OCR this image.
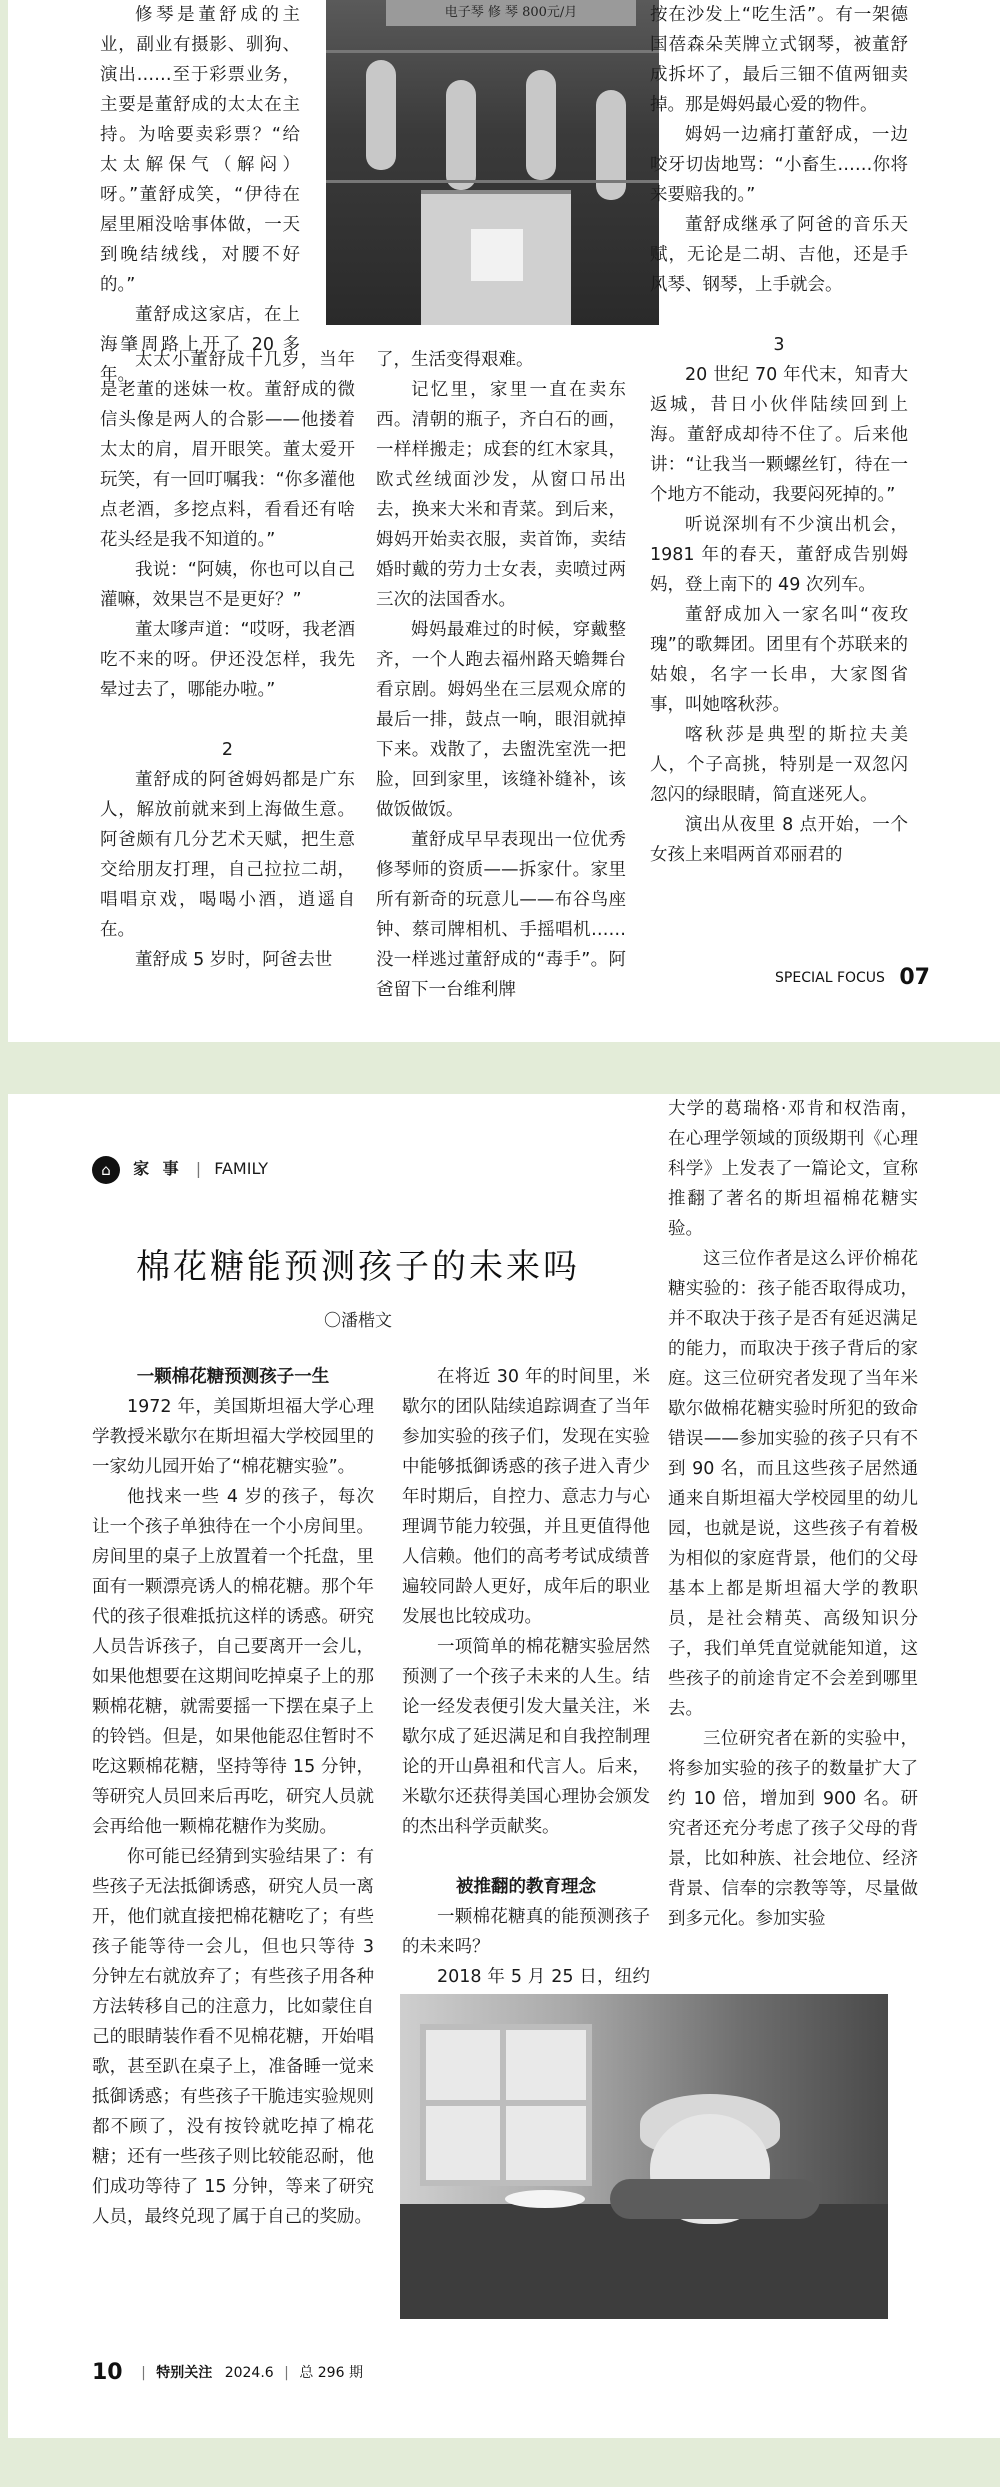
修琴是董舒成的主业，副业有摄影、驯狗、演出……至于彩票业务，主要是董舒成的太太在主持。为啥要卖彩票？“给太太解保气（解闷）呀。”董舒成笑，“伊待在屋里厢没啥事体做，一天到晚结绒线，对腰不好的。”

董舒成这家店，在上海肇周路上开了 20 多年。

电子琴 修 琴 800元/月

太太小董舒成十几岁，当年是老董的迷妹一枚。董舒成的微信头像是两人的合影——他搂着太太的肩，眉开眼笑。董太爱开玩笑，有一回叮嘱我：“你多灌他点老酒，多挖点料，看看还有啥花头经是我不知道的。”

我说：“阿姨，你也可以自己灌嘛，效果岂不是更好？”

董太嗲声道：“哎呀，我老酒吃不来的呀。伊还没怎样，我先晕过去了，哪能办啦。”

2

董舒成的阿爸姆妈都是广东人，解放前就来到上海做生意。阿爸颇有几分艺术天赋，把生意交给朋友打理，自己拉拉二胡，唱唱京戏，喝喝小酒，逍遥自在。

董舒成 5 岁时，阿爸去世

了，生活变得艰难。

记忆里，家里一直在卖东西。清朝的瓶子，齐白石的画，一样样搬走；成套的红木家具，欧式丝绒面沙发，从窗口吊出去，换来大米和青菜。到后来，姆妈开始卖衣服，卖首饰，卖结婚时戴的劳力士女表，卖喷过两三次的法国香水。

姆妈最难过的时候，穿戴整齐，一个人跑去福州路天蟾舞台看京剧。姆妈坐在三层观众席的最后一排，鼓点一响，眼泪就掉下来。戏散了，去盥洗室洗一把脸，回到家里，该缝补缝补，该做饭做饭。

董舒成早早表现出一位优秀修琴师的资质——拆家什。家里所有新奇的玩意儿——布谷鸟座钟、蔡司牌相机、手摇唱机……没一样逃过董舒成的“毒手”。阿爸留下一台维利牌

按在沙发上“吃生活”。有一架德国蓓森朵芙牌立式钢琴，被董舒成拆坏了，最后三钿不值两钿卖掉。那是姆妈最心爱的物件。

姆妈一边痛打董舒成，一边咬牙切齿地骂：“小畜生……你将来要赔我的。”

董舒成继承了阿爸的音乐天赋，无论是二胡、吉他，还是手风琴、钢琴，上手就会。

3

20 世纪 70 年代末，知青大返城，昔日小伙伴陆续回到上海。董舒成却待不住了。后来他讲：“让我当一颗螺丝钉，待在一个地方不能动，我要闷死掉的。”

听说深圳有不少演出机会，1981 年的春天，董舒成告别姆妈，登上南下的 49 次列车。

董舒成加入一家名叫“夜玫瑰”的歌舞团。团里有个苏联来的姑娘，名字一长串，大家图省事，叫她喀秋莎。

喀秋莎是典型的斯拉夫美人，个子高挑，特别是一双忽闪忽闪的绿眼睛，简直迷死人。

演出从夜里 8 点开始，一个女孩上来唱两首邓丽君的

SPECIAL FOCUS 07
⌂ 家 事 | FAMILY
棉花糖能预测孩子的未来吗
〇潘楷文

一颗棉花糖预测孩子一生

1972 年，美国斯坦福大学心理学教授米歇尔在斯坦福大学校园里的一家幼儿园开始了“棉花糖实验”。

他找来一些 4 岁的孩子，每次让一个孩子单独待在一个小房间里。房间里的桌子上放置着一个托盘，里面有一颗漂亮诱人的棉花糖。那个年代的孩子很难抵抗这样的诱惑。研究人员告诉孩子，自己要离开一会儿，如果他想要在这期间吃掉桌子上的那颗棉花糖，就需要摇一下摆在桌子上的铃铛。但是，如果他能忍住暂时不吃这颗棉花糖，坚持等待 15 分钟，等研究人员回来后再吃，研究人员就会再给他一颗棉花糖作为奖励。

你可能已经猜到实验结果了：有些孩子无法抵御诱惑，研究人员一离开，他们就直接把棉花糖吃了；有些孩子能等待一会儿，但也只等待 3 分钟左右就放弃了；有些孩子用各种方法转移自己的注意力，比如蒙住自己的眼睛装作看不见棉花糖，开始唱歌，甚至趴在桌子上，准备睡一觉来抵御诱惑；有些孩子干脆违实验规则都不顾了，没有按铃就吃掉了棉花糖；还有一些孩子则比较能忍耐，他们成功等待了 15 分钟，等来了研究人员，最终兑现了属于自己的奖励。

在将近 30 年的时间里，米歇尔的团队陆续追踪调查了当年参加实验的孩子们，发现在实验中能够抵御诱惑的孩子进入青少年时期后，自控力、意志力与心理调节能力较强，并且更值得他人信赖。他们的高考考试成绩普遍较同龄人更好，成年后的职业发展也比较成功。

一项简单的棉花糖实验居然预测了一个孩子未来的人生。结论一经发表便引发大量关注，米歇尔成了延迟满足和自我控制理论的开山鼻祖和代言人。后来，米歇尔还获得美国心理协会颁发的杰出科学贡献奖。

被推翻的教育理念

一颗棉花糖真的能预测孩子的未来吗？

2018 年 5 月 25 日，纽约

大学的葛瑞格·邓肯和权浩南，在心理学领域的顶级期刊《心理科学》上发表了一篇论文，宣称推翻了著名的斯坦福棉花糖实验。

这三位作者是这么评价棉花糖实验的：孩子能否取得成功，并不取决于孩子是否有延迟满足的能力，而取决于孩子背后的家庭。这三位研究者发现了当年米歇尔做棉花糖实验时所犯的致命错误——参加实验的孩子只有不到 90 名，而且这些孩子居然通通来自斯坦福大学校园里的幼儿园，也就是说，这些孩子有着极为相似的家庭背景，他们的父母基本上都是斯坦福大学的教职员，是社会精英、高级知识分子，我们单凭直觉就能知道，这些孩子的前途肯定不会差到哪里去。

三位研究者在新的实验中，将参加实验的孩子的数量扩大了约 10 倍，增加到 900 名。研究者还充分考虑了孩子父母的背景，比如种族、社会地位、经济背景、信奉的宗教等等，尽量做到多元化。参加实验

10 | 特别关注 2024.6 | 总 296 期
